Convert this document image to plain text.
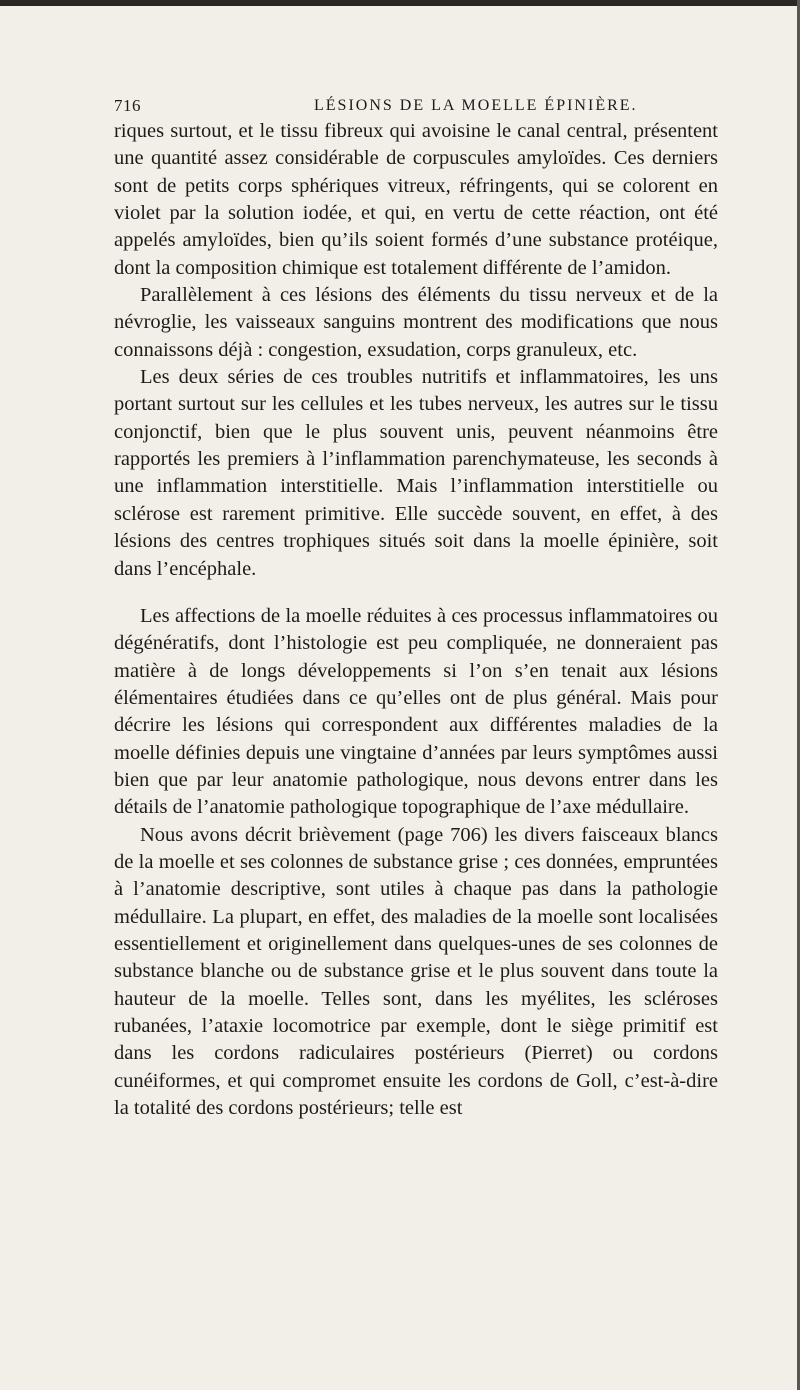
716	LÉSIONS DE LA MOELLE ÉPINIÈRE.

riques surtout, et le tissu fibreux qui avoisine le canal central, présentent une quantité assez considérable de corpuscules amyloïdes. Ces derniers sont de petits corps sphériques vitreux, réfringents, qui se colorent en violet par la solution iodée, et qui, en vertu de cette réaction, ont été appelés amyloïdes, bien qu’ils soient formés d’une substance protéique, dont la composition chimique est totalement différente de l’amidon.

Parallèlement à ces lésions des éléments du tissu nerveux et de la névroglie, les vaisseaux sanguins montrent des modifications que nous connaissons déjà : congestion, exsudation, corps granuleux, etc.

Les deux séries de ces troubles nutritifs et inflammatoires, les uns portant surtout sur les cellules et les tubes nerveux, les autres sur le tissu conjonctif, bien que le plus souvent unis, peuvent néanmoins être rapportés les premiers à l’inflammation parenchymateuse, les seconds à une inflammation interstitielle. Mais l’inflammation interstitielle ou sclérose est rarement primitive. Elle succède souvent, en effet, à des lésions des centres trophiques situés soit dans la moelle épinière, soit dans l’encéphale.

Les affections de la moelle réduites à ces processus inflammatoires ou dégénératifs, dont l’histologie est peu compliquée, ne donneraient pas matière à de longs développements si l’on s’en tenait aux lésions élémentaires étudiées dans ce qu’elles ont de plus général. Mais pour décrire les lésions qui correspondent aux différentes maladies de la moelle définies depuis une vingtaine d’années par leurs symptômes aussi bien que par leur anatomie pathologique, nous devons entrer dans les détails de l’anatomie pathologique topographique de l’axe médullaire.

Nous avons décrit brièvement (page 706) les divers faisceaux blancs de la moelle et ses colonnes de substance grise ; ces données, empruntées à l’anatomie descriptive, sont utiles à chaque pas dans la pathologie médullaire. La plupart, en effet, des maladies de la moelle sont localisées essentiellement et originellement dans quelques-unes de ses colonnes de substance blanche ou de substance grise et le plus souvent dans toute la hauteur de la moelle. Telles sont, dans les myélites, les scléroses rubanées, l’ataxie locomotrice par exemple, dont le siège primitif est dans les cordons radiculaires postérieurs (Pierret) ou cordons cunéiformes, et qui compromet ensuite les cordons de Goll, c’est-à-dire la totalité des cordons postérieurs; telle est
